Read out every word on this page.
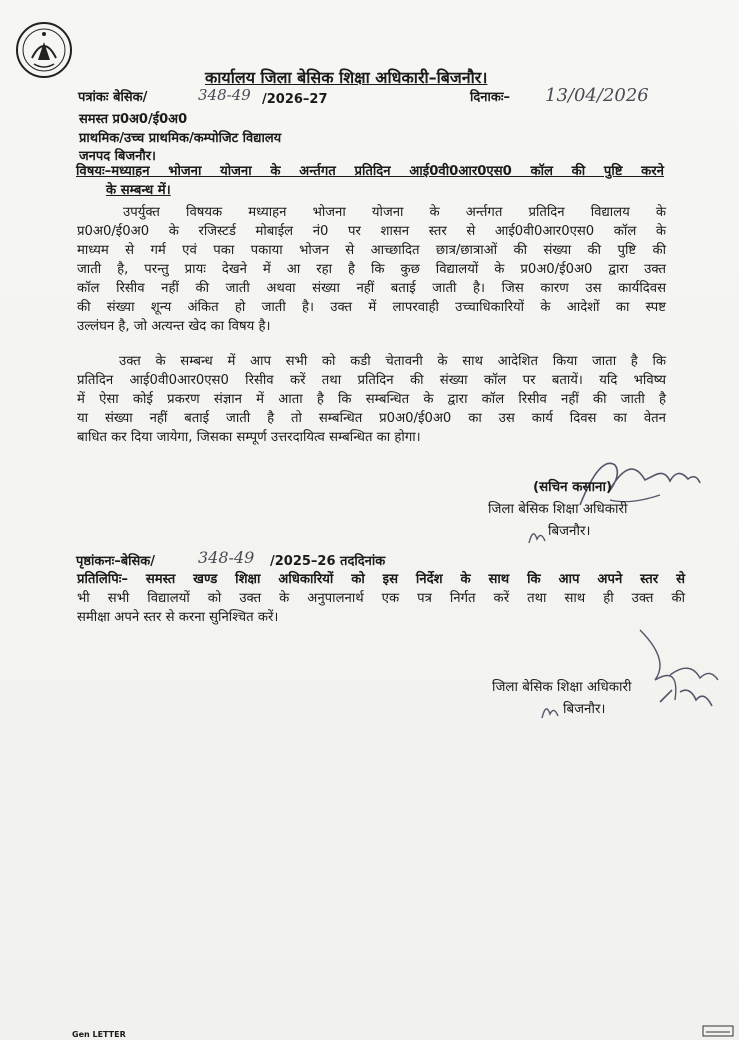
कार्यालय जिला बेसिक शिक्षा अधिकारी–बिजनौर।
पत्रांकः बेसिक/	348-49 /2026–27	दिनाकः– 13/04/2026
समस्त प्र0अ0/ई0अ0
प्राथमिक/उच्च प्राथमिक/कम्पोजिट विद्यालय
जनपद बिजनौर।
विषयः–मध्याहन भोजना योजना के अर्न्तगत प्रतिदिन आई0वी0आर0एस0 कॉल की पुष्टि करने
के सम्बन्ध में।
उपर्युक्त विषयक मध्याहन भोजना योजना के अर्न्तगत प्रतिदिन विद्यालय के
प्र0अ0/ई0अ0 के रजिस्टर्ड मोबाईल नं0 पर शासन स्तर से आई0वी0आर0एस0 कॉल के
माध्यम से गर्म एवं पका पकाया भोजन से आच्छादित छात्र/छात्राओं की संख्या की पुष्टि की
जाती है, परन्तु प्रायः देखने में आ रहा है कि कुछ विद्यालयों के प्र0अ0/ई0अ0 द्वारा उक्त
कॉल रिसीव नहीं की जाती अथवा संख्या नहीं बताई जाती है। जिस कारण उस कार्यदिवस
की संख्या शून्य अंकित हो जाती है। उक्त में लापरवाही उच्चाधिकारियों के आदेशों का स्पष्ट
उल्लंघन है, जो अत्यन्त खेद का विषय है।
उक्त के सम्बन्ध में आप सभी को कडी चेतावनी के साथ आदेशित किया जाता है कि
प्रतिदिन आई0वी0आर0एस0 रिसीव करें तथा प्रतिदिन की संख्या कॉल पर बतायें। यदि भविष्य
में ऐसा कोई प्रकरण संज्ञान में आता है कि सम्बन्धित के द्वारा कॉल रिसीव नहीं की जाती है
या संख्या नहीं बताई जाती है तो सम्बन्धित प्र0अ0/ई0अ0 का उस कार्य दिवस का वेतन
बाधित कर दिया जायेगा, जिसका सम्पूर्ण उत्तरदायित्व सम्बन्धित का होगा।
(सचिन कसाना)
जिला बेसिक शिक्षा अधिकारी
बिजनौर।
पृष्ठांकनः–बेसिक/	348-49 /2025–26 तददिनांक
प्रतिलिपिः– समस्त खण्ड शिक्षा अधिकारियों को इस निर्देश के साथ कि आप अपने स्तर से
भी सभी विद्यालयों को उक्त के अनुपालनार्थ एक पत्र निर्गत करें तथा साथ ही उक्त की
समीक्षा अपने स्तर से करना सुनिश्चित करें।
जिला बेसिक शिक्षा अधिकारी
बिजनौर।
Gen LETTER
